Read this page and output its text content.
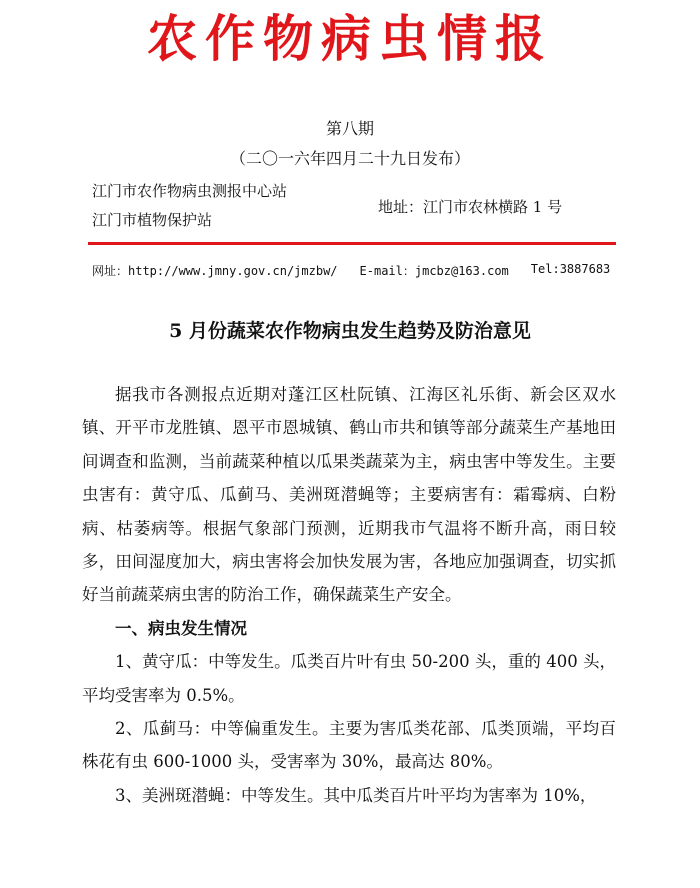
农作物病虫情报
第八期
（二〇一六年四月二十九日发布）
江门市农作物病虫测报中心站
江门市植物保护站
地址：江门市农林横路 1 号
网址：http://www.jmny.gov.cn/jmzbw/ E-mail：jmcbz@163.com Tel:3887683
5 月份蔬菜农作物病虫发生趋势及防治意见

据我市各测报点近期对蓬江区杜阮镇、江海区礼乐街、新会区双水镇、开平市龙胜镇、恩平市恩城镇、鹤山市共和镇等部分蔬菜生产基地田间调查和监测，当前蔬菜种植以瓜果类蔬菜为主，病虫害中等发生。主要虫害有：黄守瓜、瓜蓟马、美洲斑潜蝇等；主要病害有：霜霉病、白粉病、枯萎病等。根据气象部门预测，近期我市气温将不断升高，雨日较多，田间湿度加大，病虫害将会加快发展为害，各地应加强调查，切实抓好当前蔬菜病虫害的防治工作，确保蔬菜生产安全。

一、病虫发生情况

1、黄守瓜：中等发生。瓜类百片叶有虫 50-200 头，重的 400 头，平均受害率为 0.5%。

2、瓜蓟马：中等偏重发生。主要为害瓜类花部、瓜类顶端，平均百株花有虫 600-1000 头，受害率为 30%，最高达 80%。

3、美洲斑潜蝇：中等发生。其中瓜类百片叶平均为害率为 10%，
